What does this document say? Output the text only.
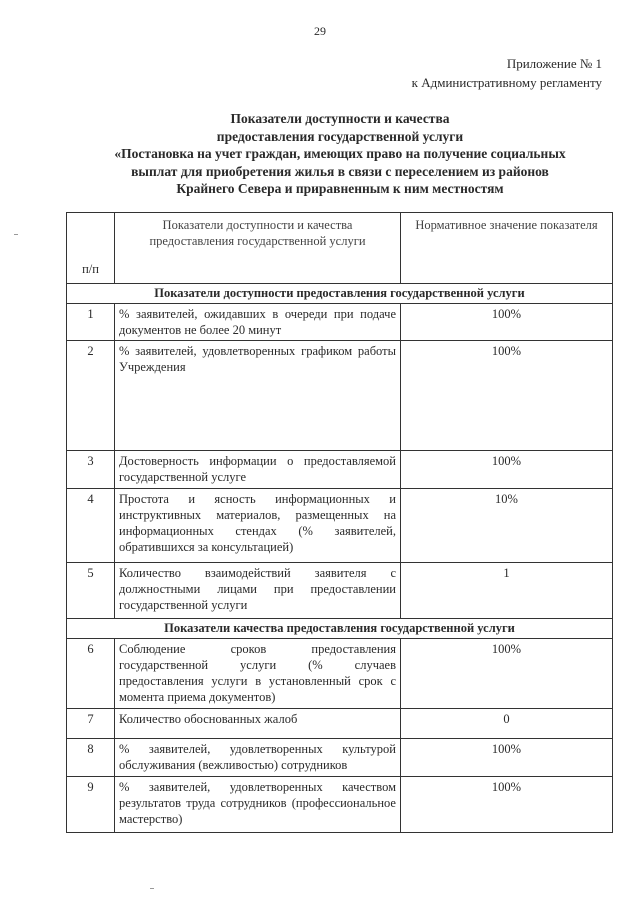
29
Приложение № 1
к Административному регламенту
Показатели доступности и качества
предоставления государственной услуги
«Постановка на учет граждан, имеющих право на получение социальных
выплат для приобретения жилья в связи с переселением из районов
Крайнего Севера и приравненным к ним местностям
п/п	Показатели доступности и качества предоставления государственной услуги	Нормативное значение показателя
Показатели доступности предоставления государственной услуги		
1	% заявителей, ожидавших в очереди при подаче документов не более 20 минут	100%
2	% заявителей, удовлетворенных графиком работы Учреждения	100%
3	Достоверность информации о предоставляемой государственной услуге	100%
4	Простота и ясность информационных и инструктивных материалов, размещенных на информационных стендах (% заявителей, обратившихся за консультацией)	10%
5	Количество взаимодействий заявителя с должностными лицами при предоставлении государственной услуги	1
Показатели качества предоставления государственной услуги		
6	Соблюдение сроков предоставления государственной услуги (% случаев предоставления услуги в установленный срок с момента приема документов)	100%
7	Количество обоснованных жалоб	0
8	% заявителей, удовлетворенных культурой обслуживания (вежливостью) сотрудников	100%
9	% заявителей, удовлетворенных качеством результатов труда сотрудников (профессиональное мастерство)	100%
